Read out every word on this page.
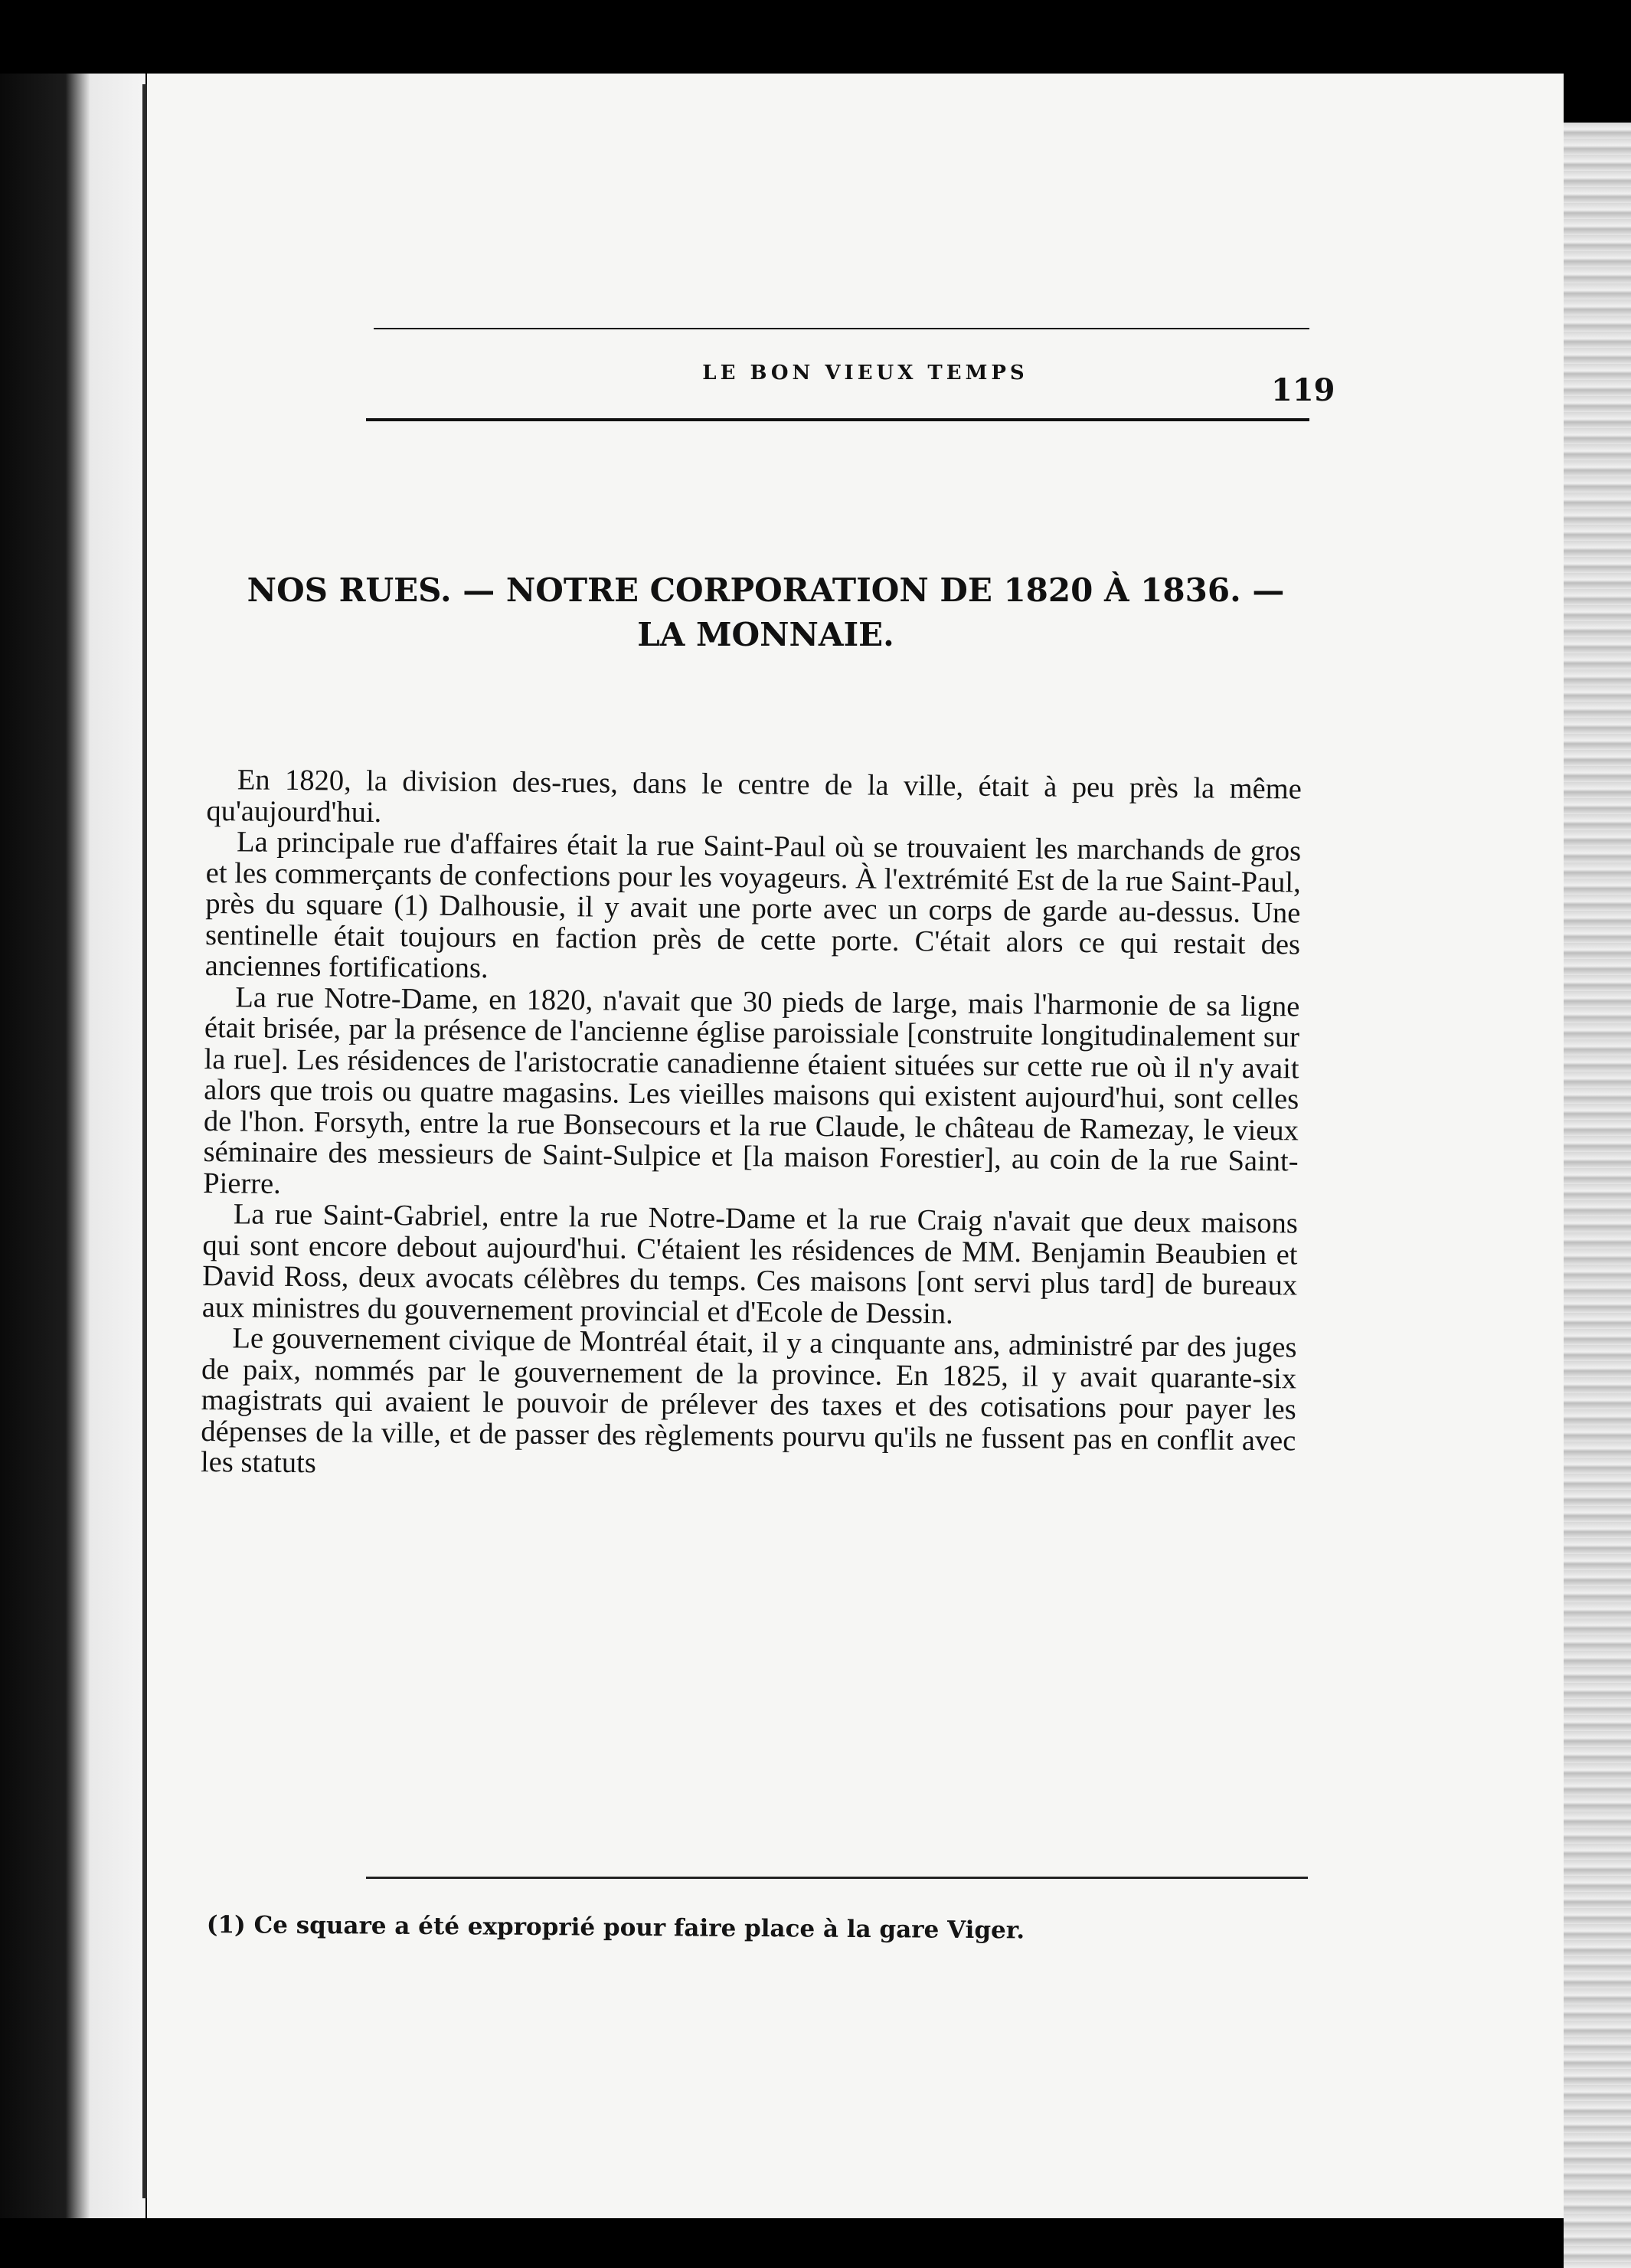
LE BON VIEUX TEMPS	119
NOS RUES. — NOTRE CORPORATION DE 1820 À 1836. —
LA MONNAIE.

En 1820, la division des-rues, dans le centre de la ville, était à peu près la même qu'aujourd'hui.

La principale rue d'affaires était la rue Saint-Paul où se trouvaient les marchands de gros et les commerçants de confections pour les voyageurs. À l'extrémité Est de la rue Saint-Paul, près du square (1) Dalhousie, il y avait une porte avec un corps de garde au-dessus. Une sentinelle était toujours en faction près de cette porte. C'était alors ce qui restait des anciennes fortifications.

La rue Notre-Dame, en 1820, n'avait que 30 pieds de large, mais l'harmonie de sa ligne était brisée, par la présence de l'ancienne église paroissiale [construite longitudinalement sur la rue]. Les résidences de l'aristocratie canadienne étaient situées sur cette rue où il n'y avait alors que trois ou quatre magasins. Les vieilles maisons qui existent aujourd'hui, sont celles de l'hon. Forsyth, entre la rue Bonsecours et la rue Claude, le château de Ramezay, le vieux séminaire des messieurs de Saint-Sulpice et [la maison Forestier], au coin de la rue Saint-Pierre.

La rue Saint-Gabriel, entre la rue Notre-Dame et la rue Craig n'avait que deux maisons qui sont encore debout aujourd'hui. C'étaient les résidences de MM. Benjamin Beaubien et David Ross, deux avocats célèbres du temps. Ces maisons [ont servi plus tard] de bureaux aux ministres du gouvernement provincial et d'Ecole de Dessin.

Le gouvernement civique de Montréal était, il y a cinquante ans, administré par des juges de paix, nommés par le gouvernement de la province. En 1825, il y avait quarante-six magistrats qui avaient le pouvoir de prélever des taxes et des cotisations pour payer les dépenses de la ville, et de passer des règlements pourvu qu'ils ne fussent pas en conflit avec les statuts

(1) Ce square a été exproprié pour faire place à la gare Viger.
